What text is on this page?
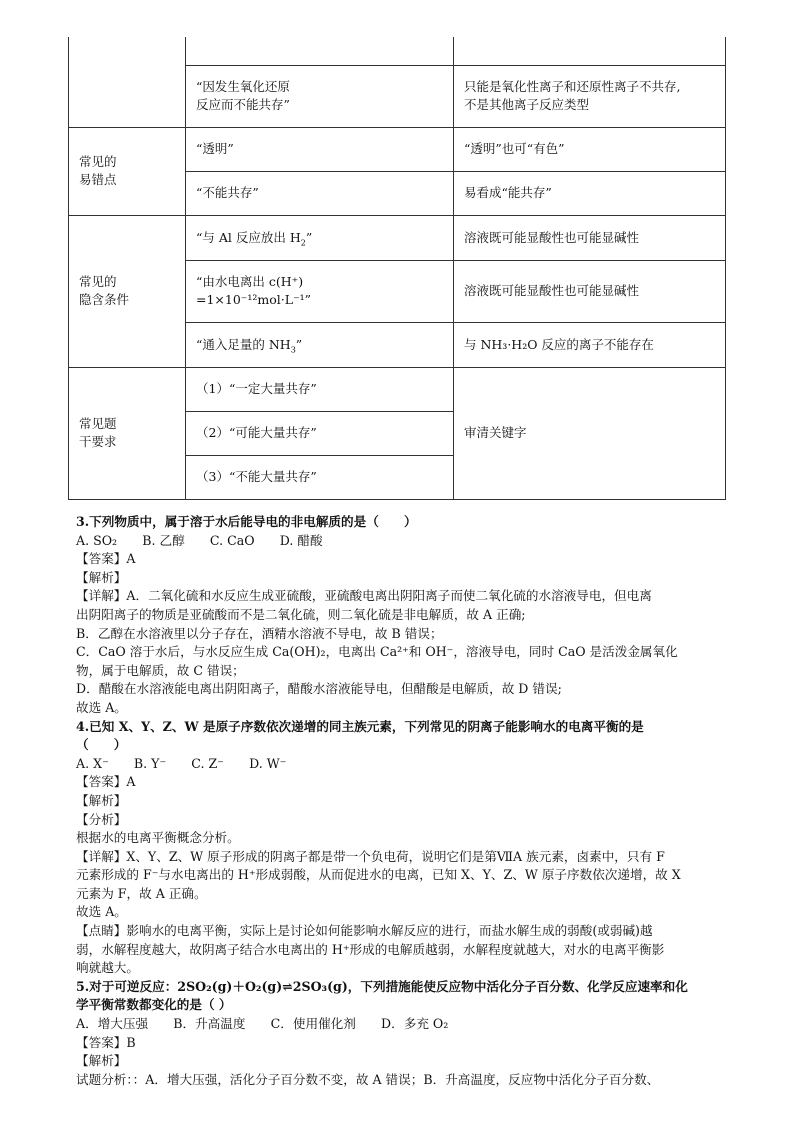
	“因发生氧化还原
反应而不能共存”	只能是氧化性离子和还原性离子不共存,
不是其他离子反应类型

常见的
易错点	“透明”	“透明”也可“有色”
	“不能共存”	易看成“能共存”

常见的
隐含条件	“与 Al 反应放出 $H_2$”	溶液既可能显酸性也可能显碱性

	“由水电离出 c(H⁺)
=1×10⁻¹²mol·L⁻¹”	溶液既可能显酸性也可能显碱性
	“通入足量的 $NH_3$”	与 NH₃·H₂O 反应的离子不能存在

常见题
干要求	（1）“一定大量共存”	审清关键字
	（2）“可能大量共存”	
	（3）“不能大量共存”	
3.下列物质中，属于溶于水后能导电的非电解质的是（　　）
A. SO₂　　B. 乙醇　　C. CaO　　D. 醋酸
【答案】A
【解析】
【详解】A．二氧化硫和水反应生成亚硫酸，亚硫酸电离出阴阳离子而使二氧化硫的水溶液导电，但电离
出阴阳离子的物质是亚硫酸而不是二氧化硫，则二氧化硫是非电解质，故 A 正确;
B．乙醇在水溶液里以分子存在，酒精水溶液不导电，故 B 错误；
C．CaO 溶于水后，与水反应生成 Ca(OH)₂，电离出 Ca²⁺和 OH⁻，溶液导电，同时 CaO 是活泼金属氧化
物，属于电解质，故 C 错误；
D．醋酸在水溶液能电离出阴阳离子，醋酸水溶液能导电，但醋酸是电解质，故 D 错误;
故选 A。
4.已知 X、Y、Z、W 是原子序数依次递增的同主族元素，下列常见的阴离子能影响水的电离平衡的是
（　　）
A. X⁻　　B. Y⁻　　C. Z⁻　　D. W⁻
【答案】A
【解析】
【分析】
根据水的电离平衡概念分析。
【详解】X、Y、Z、W 原子形成的阴离子都是带一个负电荷，说明它们是第ⅦA 族元素，卤素中，只有 F
元素形成的 F⁻与水电离出的 H⁺形成弱酸，从而促进水的电离，已知 X、Y、Z、W 原子序数依次递增，故 X
元素为 F，故 A 正确。
故选 A。
【点睛】影响水的电离平衡，实际上是讨论如何能影响水解反应的进行，而盐水解生成的弱酸(或弱碱)越
弱，水解程度越大，故阴离子结合水电离出的 H⁺形成的电解质越弱，水解程度就越大，对水的电离平衡影
响就越大。
5.对于可逆反应：2SO₂(g)＋O₂(g)⇌2SO₃(g)，下列措施能使反应物中活化分子百分数、化学反应速率和化
学平衡常数都变化的是（ ）
A．增大压强　　B．升高温度　　C．使用催化剂　　D．多充 O₂
【答案】B
【解析】
试题分析：：A．增大压强，活化分子百分数不变，故 A 错误；B．升高温度，反应物中活化分子百分数、
